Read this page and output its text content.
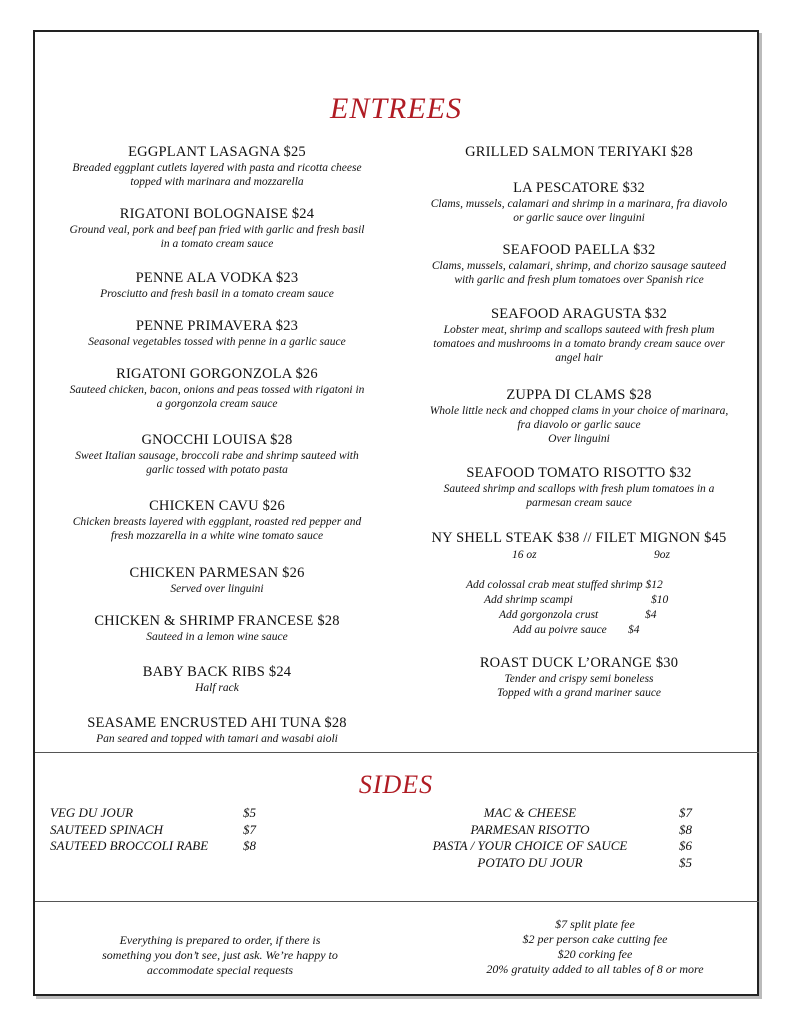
ENTREES
EGGPLANT LASAGNA $25
Breaded eggplant cutlets layered with pasta and ricotta cheese
topped with marinara and mozzarella
RIGATONI BOLOGNAISE $24
Ground veal, pork and beef pan fried with garlic and fresh basil
in a tomato cream sauce
PENNE ALA VODKA $23
Prosciutto and fresh basil in a tomato cream sauce
PENNE PRIMAVERA $23
Seasonal vegetables tossed with penne in a garlic sauce
RIGATONI GORGONZOLA $26
Sauteed chicken, bacon, onions and peas tossed with rigatoni in
a gorgonzola cream sauce
GNOCCHI LOUISA $28
Sweet Italian sausage, broccoli rabe and shrimp sauteed with
garlic tossed with potato pasta
CHICKEN CAVU $26
Chicken breasts layered with eggplant, roasted red pepper and
fresh mozzarella in a white wine tomato sauce
CHICKEN PARMESAN $26
Served over linguini
CHICKEN & SHRIMP FRANCESE $28
Sauteed in a lemon wine sauce
BABY BACK RIBS $24
Half rack
SEASAME ENCRUSTED AHI TUNA $28
Pan seared and topped with tamari and wasabi aioli
GRILLED SALMON TERIYAKI $28
LA PESCATORE $32
Clams, mussels, calamari and shrimp in a marinara, fra diavolo
or garlic sauce over linguini
SEAFOOD PAELLA $32
Clams, mussels, calamari, shrimp, and chorizo sausage sauteed
with garlic and fresh plum tomatoes over Spanish rice
SEAFOOD ARAGUSTA $32
Lobster meat, shrimp and scallops sauteed with fresh plum
tomatoes and mushrooms in a tomato brandy cream sauce over
angel hair
ZUPPA DI CLAMS $28
Whole little neck and chopped clams in your choice of marinara,
fra diavolo or garlic sauce
Over linguini
SEAFOOD TOMATO RISOTTO $32
Sauteed shrimp and scallops with fresh plum tomatoes in a
parmesan cream sauce
NY SHELL STEAK $38 // FILET MIGNON $45
ROAST DUCK L’ORANGE $30
Tender and crispy semi boneless
Topped with a grand mariner sauce
16 oz	9oz
Add colossal crab meat stuffed shrimp $12
Add shrimp scampi	$10
Add gorgonzola crust	$4
Add au poivre sauce $4
SIDES
VEG DU JOUR	$5
SAUTEED SPINACH	$7
SAUTEED BROCCOLI RABE	$8
MAC & CHEESE	$7
PARMESAN RISOTTO	$8
PASTA / YOUR CHOICE OF SAUCE	$6
POTATO DU JOUR	$5
Everything is prepared to order, if there is
something you don’t see, just ask. We’re happy to
accommodate special requests
$7 split plate fee
$2 per person cake cutting fee
$20 corking fee
20% gratuity added to all tables of 8 or more
